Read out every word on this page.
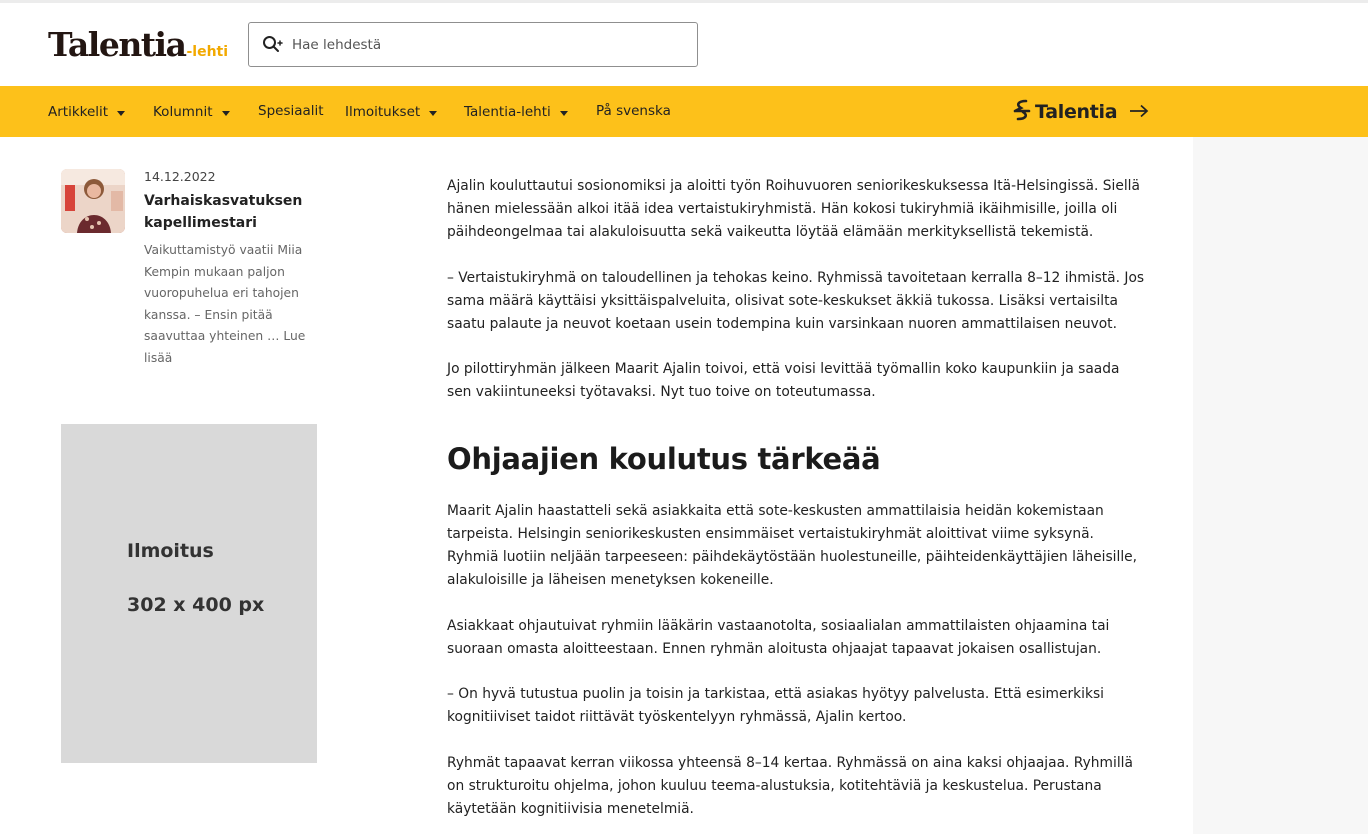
Talentia -lehti
Hae lehdestä
Artikkelit	Kolumnit	Spesiaalit Ilmoitukset	Talentia-lehti	På svenska	Talentia
14.12.2022
Varhaiskasvatuksen kapellimestari
Vaikuttamistyö vaatii Miia Kempin mukaan paljon vuoropuhelua eri tahojen kanssa. – Ensin pitää saavuttaa yhteinen … Lue lisää
Ilmoitus
302 x 400 px
Ajalin kouluttautui sosionomiksi ja aloitti työn Roihuvuoren seniorikeskuksessa Itä-Helsingissä. Siellä hänen mielessään alkoi itää idea vertaistukiryhmistä. Hän kokosi tukiryhmiä ikäihmisille, joilla oli päihdeongelmaa tai alakuloisuutta sekä vaikeutta löytää elämään merkityksellistä tekemistä.
– Vertaistukiryhmä on taloudellinen ja tehokas keino. Ryhmissä tavoitetaan kerralla 8–12 ihmistä. Jos sama määrä käyttäisi yksittäispalveluita, olisivat sote-keskukset äkkiä tukossa. Lisäksi vertaisilta saatu palaute ja neuvot koetaan usein todempina kuin varsinkaan nuoren ammattilaisen neuvot.
Jo pilottiryhmän jälkeen Maarit Ajalin toivoi, että voisi levittää työmallin koko kaupunkiin ja saada sen vakiintuneeksi työtavaksi. Nyt tuo toive on toteutumassa.
Ohjaajien koulutus tärkeää
Maarit Ajalin haastatteli sekä asiakkaita että sote-keskusten ammattilaisia heidän kokemistaan tarpeista. Helsingin seniorikeskusten ensimmäiset vertaistukiryhmät aloittivat viime syksynä. Ryhmiä luotiin neljään tarpeeseen: päihdekäytöstään huolestuneille, päihteidenkäyttäjien läheisille, alakuloisille ja läheisen menetyksen kokeneille.
Asiakkaat ohjautuivat ryhmiin lääkärin vastaanotolta, sosiaalialan ammattilaisten ohjaamina tai suoraan omasta aloitteestaan. Ennen ryhmän aloitusta ohjaajat tapaavat jokaisen osallistujan.
– On hyvä tutustua puolin ja toisin ja tarkistaa, että asiakas hyötyy palvelusta. Että esimerkiksi kognitiiviset taidot riittävät työskentelyyn ryhmässä, Ajalin kertoo.
Ryhmät tapaavat kerran viikossa yhteensä 8–14 kertaa. Ryhmässä on aina kaksi ohjaajaa. Ryhmillä on strukturoitu ohjelma, johon kuuluu teema-alustuksia, kotitehtäviä ja keskustelua. Perustana käytetään kognitiivisia menetelmiä.
